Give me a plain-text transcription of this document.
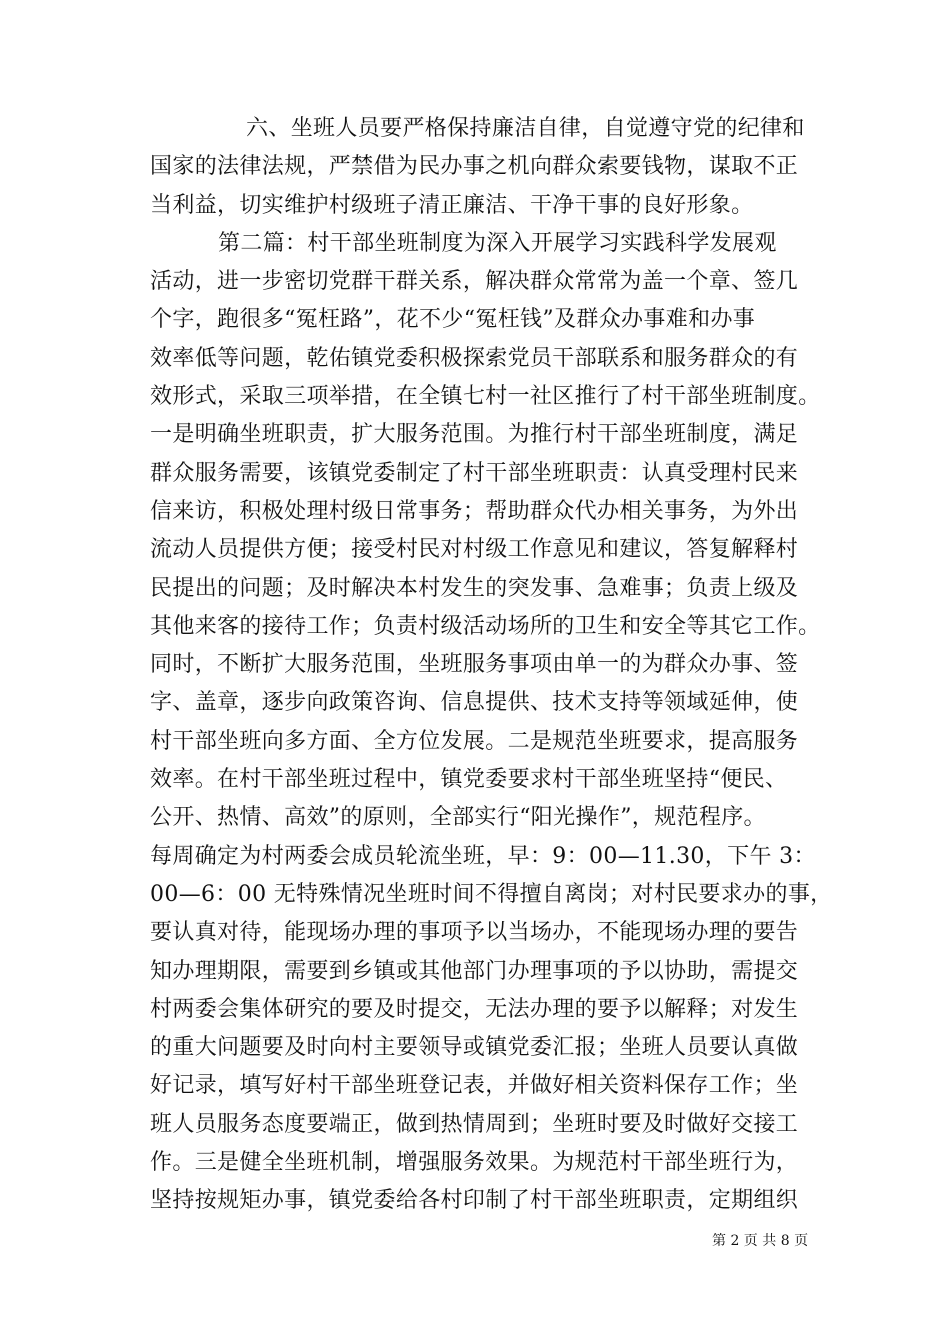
六、坐班人员要严格保持廉洁自律，自觉遵守党的纪律和
国家的法律法规，严禁借为民办事之机向群众索要钱物，谋取不正
当利益，切实维护村级班子清正廉洁、干净干事的良好形象。
第二篇：村干部坐班制度为深入开展学习实践科学发展观
活动，进一步密切党群干群关系，解决群众常常为盖一个章、签几
个字，跑很多“冤枉路”，花不少“冤枉钱”及群众办事难和办事
效率低等问题，乾佑镇党委积极探索党员干部联系和服务群众的有
效形式，采取三项举措，在全镇七村一社区推行了村干部坐班制度。
一是明确坐班职责，扩大服务范围。为推行村干部坐班制度，满足
群众服务需要，该镇党委制定了村干部坐班职责：认真受理村民来
信来访，积极处理村级日常事务；帮助群众代办相关事务，为外出
流动人员提供方便；接受村民对村级工作意见和建议，答复解释村
民提出的问题；及时解决本村发生的突发事、急难事；负责上级及
其他来客的接待工作；负责村级活动场所的卫生和安全等其它工作。
同时，不断扩大服务范围，坐班服务事项由单一的为群众办事、签
字、盖章，逐步向政策咨询、信息提供、技术支持等领域延伸，使
村干部坐班向多方面、全方位发展。二是规范坐班要求，提高服务
效率。在村干部坐班过程中，镇党委要求村干部坐班坚持“便民、
公开、热情、高效”的原则，全部实行“阳光操作”，规范程序。
每周确定为村两委会成员轮流坐班，早：9：00—11.30，下午 3：
00—6：00 无特殊情况坐班时间不得擅自离岗；对村民要求办的事，
要认真对待，能现场办理的事项予以当场办，不能现场办理的要告
知办理期限，需要到乡镇或其他部门办理事项的予以协助，需提交
村两委会集体研究的要及时提交，无法办理的要予以解释；对发生
的重大问题要及时向村主要领导或镇党委汇报；坐班人员要认真做
好记录，填写好村干部坐班登记表，并做好相关资料保存工作；坐
班人员服务态度要端正，做到热情周到；坐班时要及时做好交接工
作。三是健全坐班机制，增强服务效果。为规范村干部坐班行为，
坚持按规矩办事，镇党委给各村印制了村干部坐班职责，定期组织
第 2 页 共 8 页
